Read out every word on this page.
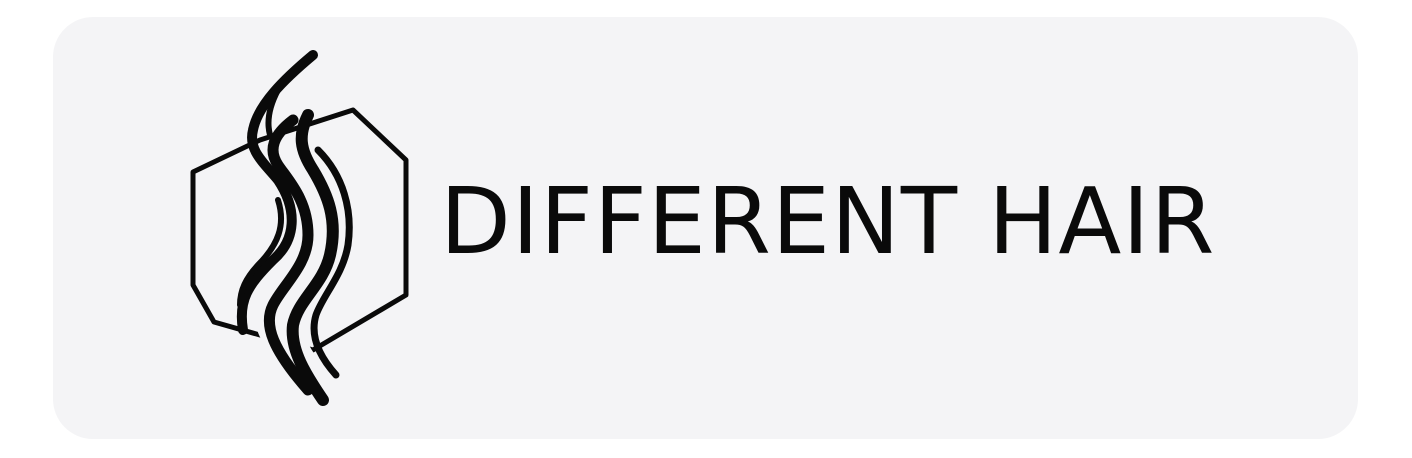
DIFFERENT HAIR
